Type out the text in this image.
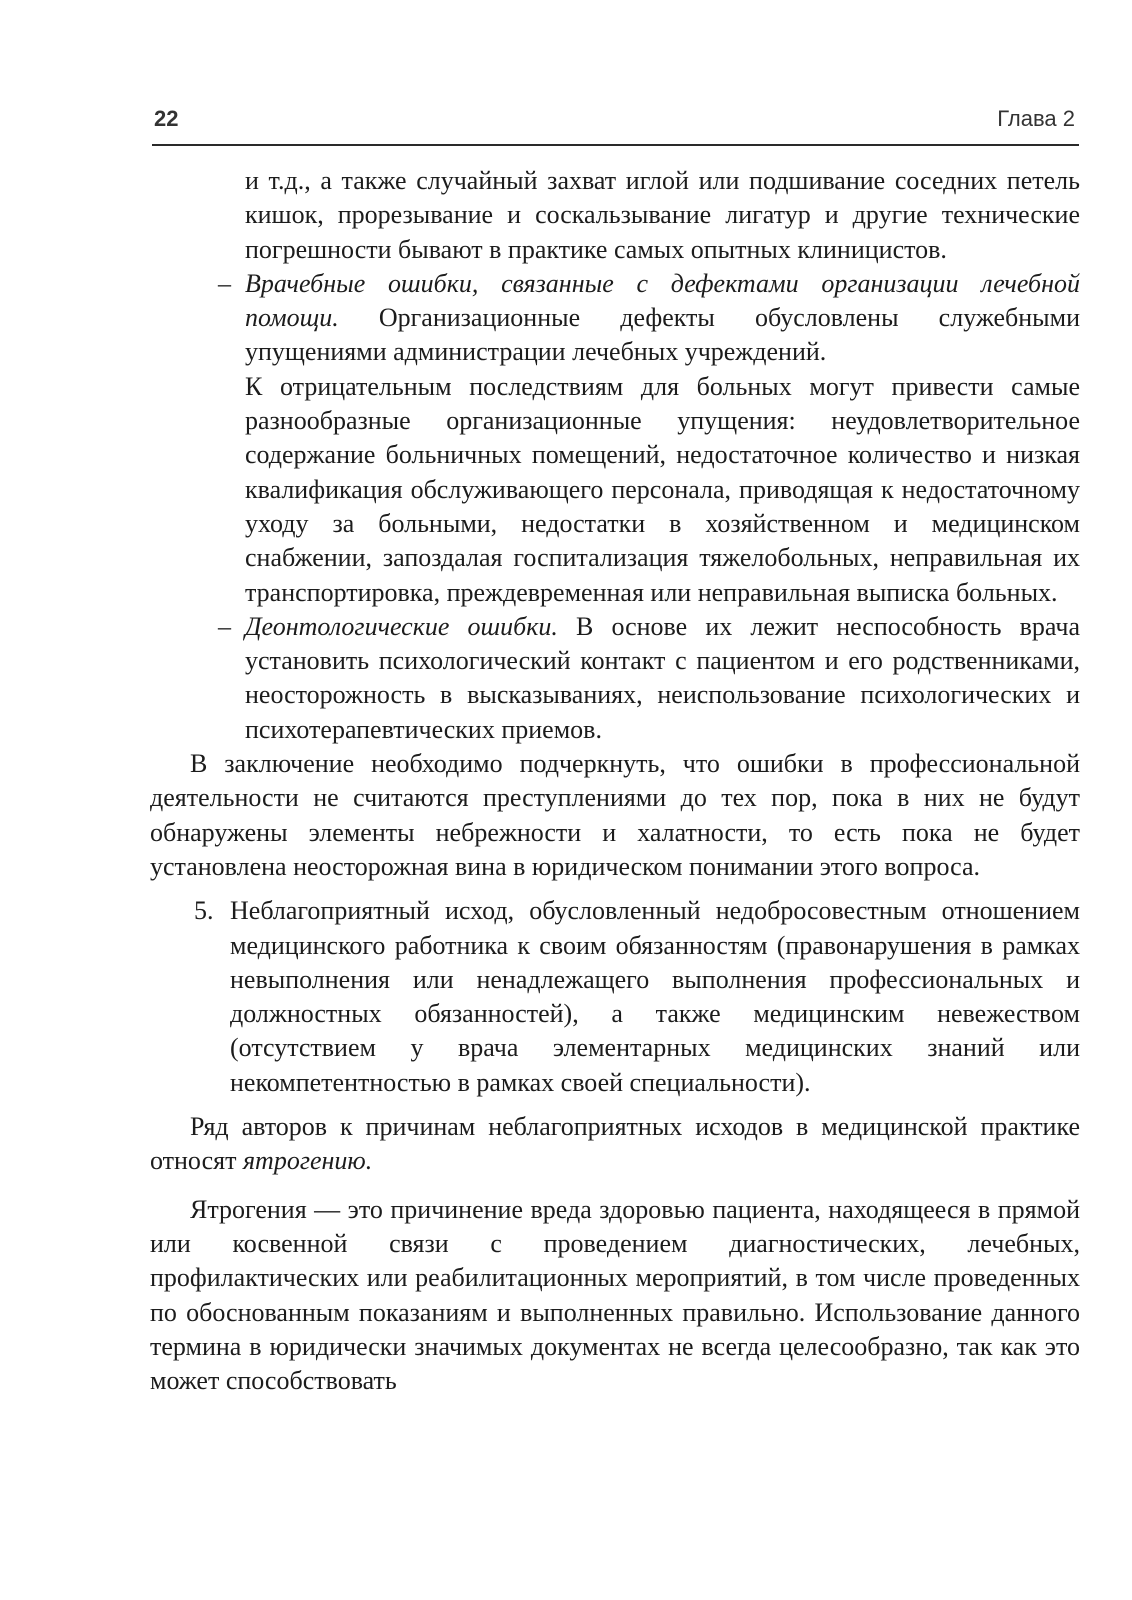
22	Глава 2

и т.д., а также случайный захват иглой или подшивание соседних петель кишок, прорезывание и соскальзывание лигатур и другие технические погрешности бывают в практике самых опытных клиницистов.

– Врачебные ошибки, связанные с дефектами организации лечебной помощи. Организационные дефекты обусловлены служебными упущениями администрации лечебных учреждений.

К отрицательным последствиям для больных могут привести самые разнообразные организационные упущения: неудовлетворительное содержание больничных помещений, недостаточное количество и низкая квалификация обслуживающего персонала, приводящая к недостаточному уходу за больными, недостатки в хозяйственном и медицинском снабжении, запоздалая госпитализация тяжелобольных, неправильная их транспортировка, преждевременная или неправильная выписка больных.

– Деонтологические ошибки. В основе их лежит неспособность врача установить психологический контакт с пациентом и его родственниками, неосторожность в высказываниях, неиспользование психологических и психотерапевтических приемов.

В заключение необходимо подчеркнуть, что ошибки в профессиональной деятельности не считаются преступлениями до тех пор, пока в них не будут обнаружены элементы небрежности и халатности, то есть пока не будет установлена неосторожная вина в юридическом понимании этого вопроса.

5. Неблагоприятный исход, обусловленный недобросовестным отношением медицинского работника к своим обязанностям (правонарушения в рамках невыполнения или ненадлежащего выполнения профессиональных и должностных обязанностей), а также медицинским невежеством (отсутствием у врача элементарных медицинских знаний или некомпетентностью в рамках своей специальности).

Ряд авторов к причинам неблагоприятных исходов в медицинской практике относят ятрогению.

Ятрогения — это причинение вреда здоровью пациента, находящееся в прямой или косвенной связи с проведением диагностических, лечебных, профилактических или реабилитационных мероприятий, в том числе проведенных по обоснованным показаниям и выполненных правильно. Использование данного термина в юридически значимых документах не всегда целесообразно, так как это может способствовать
